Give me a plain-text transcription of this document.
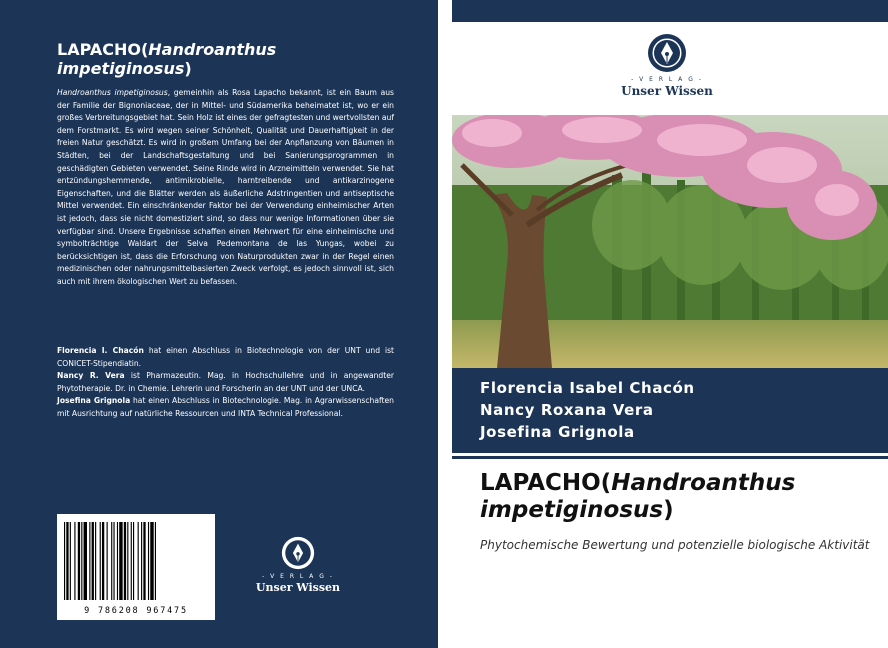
LAPACHO(Handroanthus impetiginosus)
Handroanthus impetiginosus, gemeinhin als Rosa Lapacho bekannt, ist ein Baum aus der Familie der Bignoniaceae, der in Mittel- und Südamerika beheimatet ist, wo er ein großes Verbreitungsgebiet hat. Sein Holz ist eines der gefragtesten und wertvollsten auf dem Forstmarkt. Es wird wegen seiner Schönheit, Qualität und Dauerhaftigkeit in der freien Natur geschätzt. Es wird in großem Umfang bei der Anpflanzung von Bäumen in Städten, bei der Landschaftsgestaltung und bei Sanierungsprogrammen in geschädigten Gebieten verwendet. Seine Rinde wird in Arzneimitteln verwendet. Sie hat entzündungshemmende, antimikrobielle, harntreibende und antikarzinogene Eigenschaften, und die Blätter werden als äußerliche Adstringentien und antiseptische Mittel verwendet. Ein einschränkender Faktor bei der Verwendung einheimischer Arten ist jedoch, dass sie nicht domestiziert sind, so dass nur wenige Informationen über sie verfügbar sind. Unsere Ergebnisse schaffen einen Mehrwert für eine einheimische und symbolträchtige Waldart der Selva Pedemontana de las Yungas, wobei zu berücksichtigen ist, dass die Erforschung von Naturprodukten zwar in der Regel einen medizinischen oder nahrungsmittelbasierten Zweck verfolgt, es jedoch sinnvoll ist, sich auch mit ihrem ökologischen Wert zu befassen.

Florencia I. Chacón hat einen Abschluss in Biotechnologie von der UNT und ist CONICET-Stipendiatin.

Nancy R. Vera ist Pharmazeutin. Mag. in Hochschullehre und in angewandter Phytotherapie. Dr. in Chemie. Lehrerin und Forscherin an der UNT und der UNCA.

Josefina Grignola hat einen Abschluss in Biotechnologie. Mag. in Agrarwissenschaften mit Ausrichtung auf natürliche Ressourcen und INTA Technical Professional.

9 786208 967475
- V E R L A G -
Unser Wissen
- V E R L A G -
Unser Wissen
Florencia Isabel Chacón
Nancy Roxana Vera
Josefina Grignola
LAPACHO(Handroanthus impetiginosus)
Phytochemische Bewertung und potenzielle biologische Aktivität
